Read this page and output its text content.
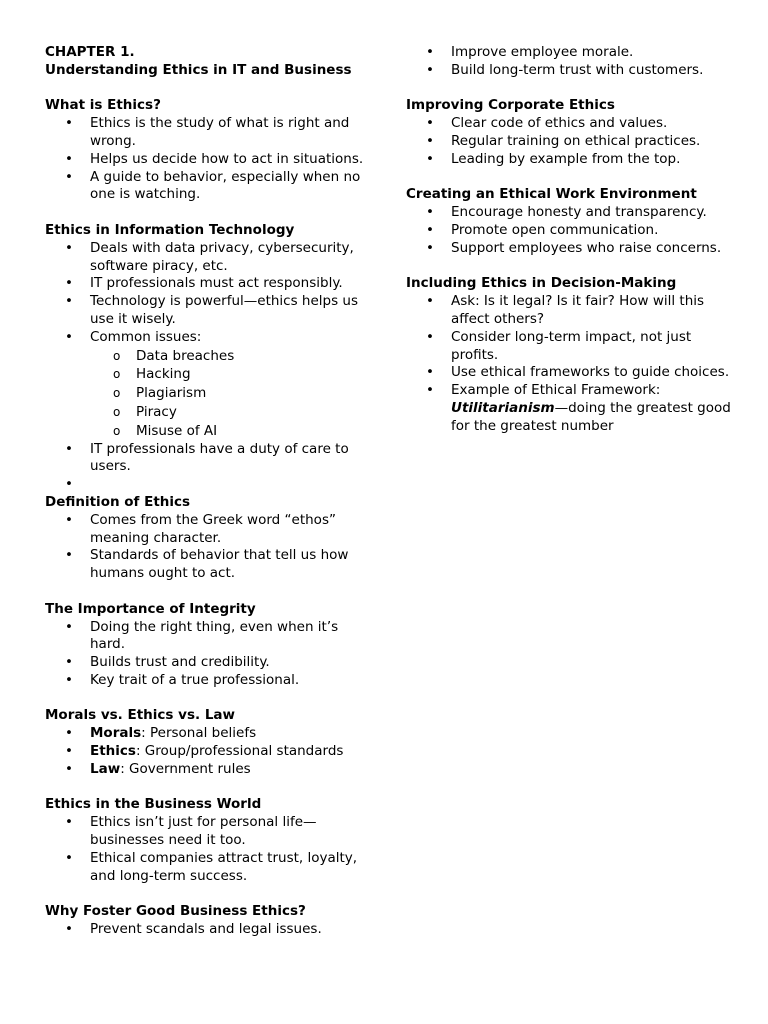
CHAPTER 1.
Understanding Ethics in IT and Business
What is Ethics?
• Ethics is the study of what is right and wrong.
• Helps us decide how to act in situations.
• A guide to behavior, especially when no one is watching.
Ethics in Information Technology
• Deals with data privacy, cybersecurity, software piracy, etc.
• IT professionals must act responsibly.
• Technology is powerful—ethics helps us use it wisely.
• Common issues:
o Data breaches
o Hacking
o Plagiarism
o Piracy
o Misuse of AI
• IT professionals have a duty of care to users.
•
Definition of Ethics
• Comes from the Greek word “ethos” meaning character.
• Standards of behavior that tell us how humans ought to act.
The Importance of Integrity
• Doing the right thing, even when it’s hard.
• Builds trust and credibility.
• Key trait of a true professional.
Morals vs. Ethics vs. Law
• Morals: Personal beliefs
• Ethics: Group/professional standards
• Law: Government rules
Ethics in the Business World
• Ethics isn’t just for personal life—businesses need it too.
• Ethical companies attract trust, loyalty, and long-term success.
Why Foster Good Business Ethics?
• Prevent scandals and legal issues.
• Improve employee morale.
• Build long-term trust with customers.
Improving Corporate Ethics
• Clear code of ethics and values.
• Regular training on ethical practices.
• Leading by example from the top.
Creating an Ethical Work Environment
• Encourage honesty and transparency.
• Promote open communication.
• Support employees who raise concerns.
Including Ethics in Decision-Making
• Ask: Is it legal? Is it fair? How will this affect others?
• Consider long-term impact, not just profits.
• Use ethical frameworks to guide choices.
• Example of Ethical Framework:
Utilitarianism—doing the greatest good for the greatest number
